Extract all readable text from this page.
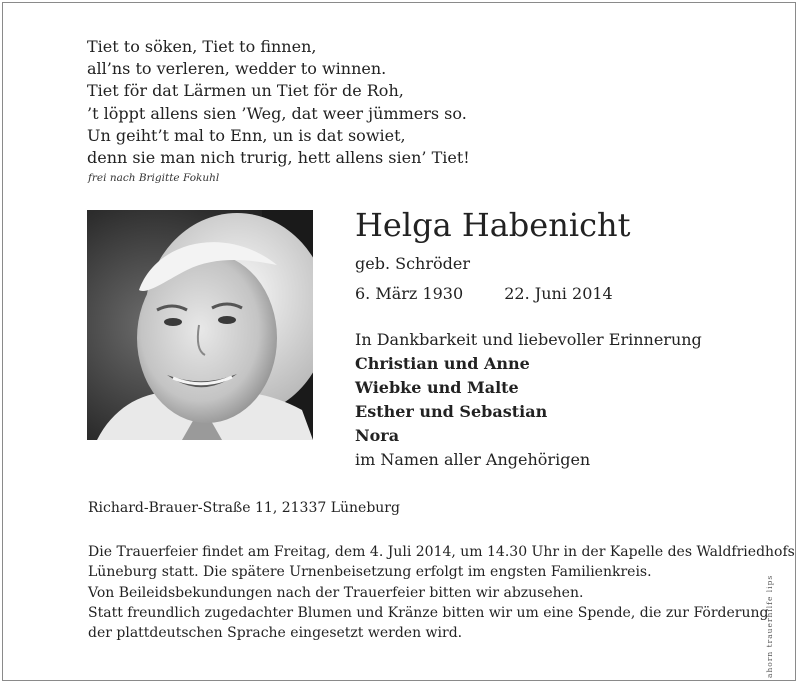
Tiet to söken, Tiet to finnen,
all’ns to verleren, wedder to winnen.
Tiet för dat Lärmen un Tiet för de Roh,
’t löppt allens sien ’Weg, dat weer jümmers so.
Un geiht’t mal to Enn, un is dat sowiet,
denn sie man nich trurig, hett allens sien’ Tiet!
frei nach Brigitte Fokuhl
Helga Habenicht
geb. Schröder
6. März 1930	22. Juni 2014
In Dankbarkeit und liebevoller Erinnerung
Christian und Anne
Wiebke und Malte
Esther und Sebastian
Nora
im Namen aller Angehörigen
Richard-Brauer-Straße 11, 21337 Lüneburg
Die Trauerfeier findet am Freitag, dem 4. Juli 2014, um 14.30 Uhr in der Kapelle des Waldfriedhofs
Lüneburg statt. Die spätere Urnenbeisetzung erfolgt im engsten Familienkreis.
Von Beileidsbekundungen nach der Trauerfeier bitten wir abzusehen.
Statt freundlich zugedachter Blumen und Kränze bitten wir um eine Spende, die zur Förderung
der plattdeutschen Sprache eingesetzt werden wird.	ahorn trauerhilfe lips
